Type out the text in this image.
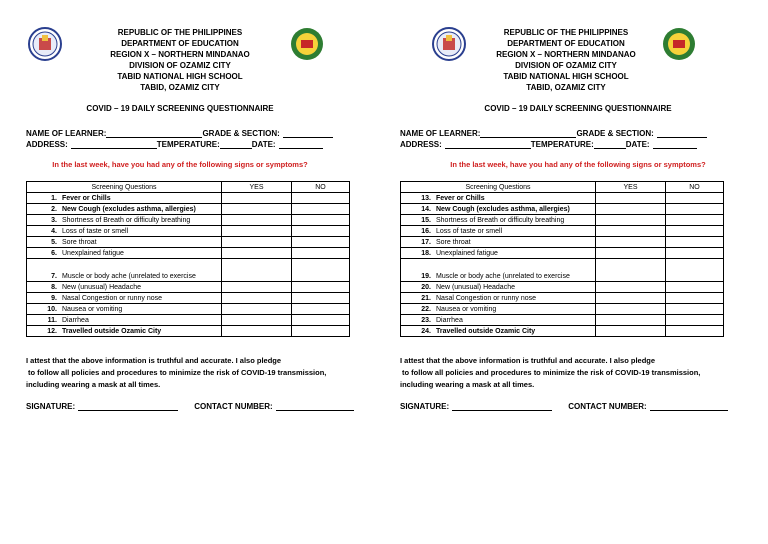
REPUBLIC OF THE PHILIPPINES
DEPARTMENT OF EDUCATION
REGION X – NORTHERN MINDANAO
DIVISION OF OZAMIZ CITY
TABID NATIONAL HIGH SCHOOL
TABID, OZAMIZ CITY
COVID – 19 DAILY SCREENING QUESTIONNAIRE
NAME OF LEARNER:	GRADE & SECTION:
ADDRESS:	TEMPERATURE:	DATE:
In the last week, have you had any of the following signs or symptoms?
Screening Questions	YES	NO
1. Fever or Chills		
2. New Cough (excludes asthma, allergies)		
3. Shortness of Breath or difficulty breathing		
4. Loss of taste or smell		
5. Sore throat		
6. Unexplained fatigue		
7. Muscle or body ache (unrelated to exercise		
8. New (unusual) Headache		
9. Nasal Congestion or runny nose		
10. Nausea or vomiting		
11. Diarrhea		
12. Travelled outside Ozamic City		
I attest that the above information is truthful and accurate. I also pledge
to follow all policies and procedures to minimize the risk of COVID-19 transmission,
including wearing a mask at all times.
SIGNATURE:	CONTACT NUMBER:
REPUBLIC OF THE PHILIPPINES
DEPARTMENT OF EDUCATION
REGION X – NORTHERN MINDANAO
DIVISION OF OZAMIZ CITY
TABID NATIONAL HIGH SCHOOL
TABID, OZAMIZ CITY
COVID – 19 DAILY SCREENING QUESTIONNAIRE
NAME OF LEARNER:	GRADE & SECTION:
ADDRESS:	TEMPERATURE:	DATE:
In the last week, have you had any of the following signs or symptoms?
Screening Questions	YES	NO
13. Fever or Chills		
14. New Cough (excludes asthma, allergies)		
15. Shortness of Breath or difficulty breathing		
16. Loss of taste or smell		
17. Sore throat		
18. Unexplained fatigue		
19. Muscle or body ache (unrelated to exercise		
20. New (unusual) Headache		
21. Nasal Congestion or runny nose		
22. Nausea or vomiting		
23. Diarrhea		
24. Travelled outside Ozamic City		
I attest that the above information is truthful and accurate. I also pledge
to follow all policies and procedures to minimize the risk of COVID-19 transmission,
including wearing a mask at all times.
SIGNATURE:	CONTACT NUMBER:
